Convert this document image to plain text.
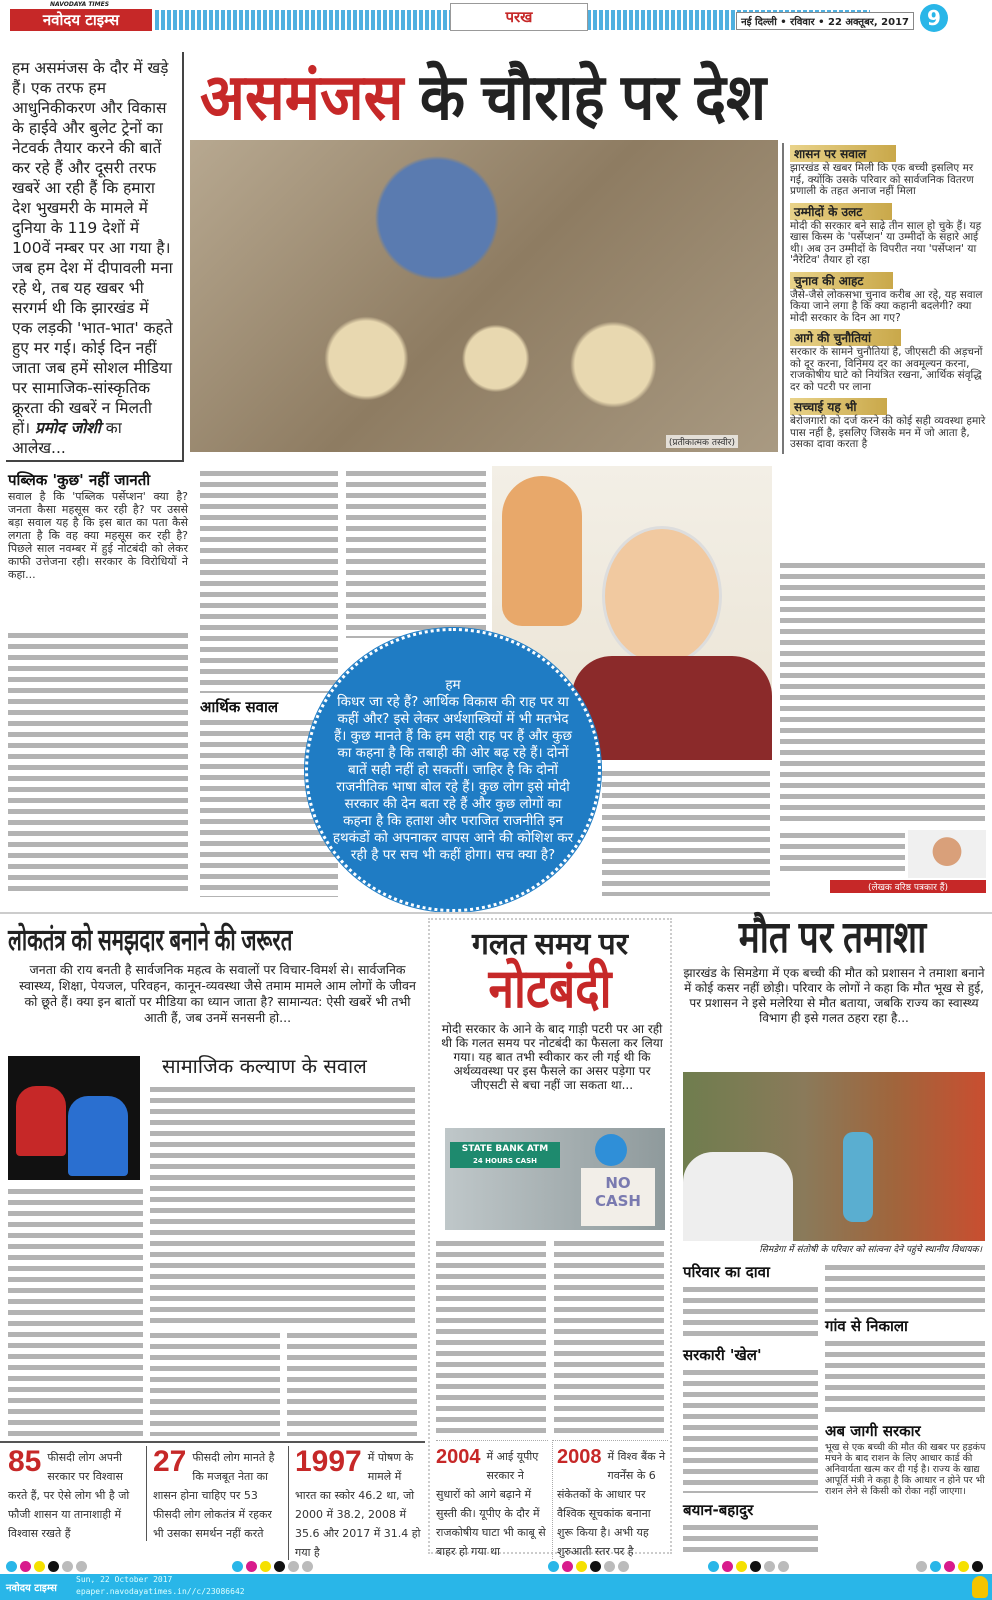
NAVODAYA TIMES
नवोदय टाइम्स	परख	नई दिल्ली • रविवार • 22 अक्तूबर, 2017 9
हम असमंजस के दौर में खड़े हैं। एक तरफ हम आधुनिकीकरण और विकास के हाईवे और बुलेट ट्रेनों का नेटवर्क तैयार करने की बातें कर रहे हैं और दूसरी तरफ खबरें आ रही हैं कि हमारा देश भुखमरी के मामले में दुनिया के 119 देशों में 100वें नम्बर पर आ गया है। जब हम देश में दीपावली मना रहे थे, तब यह खबर भी सरगर्म थी कि झारखंड में एक लड़की 'भात-भात' कहते हुए मर गई। कोई दिन नहीं जाता जब हमें सोशल मीडिया पर सामाजिक-सांस्कृतिक क्रूरता की खबरें न मिलती हों। प्रमोद जोशी का आलेख...
असमंजस के चौराहे पर देश
(प्रतीकात्मक तस्वीर)
शासन पर सवाल
झारखंड से खबर मिली कि एक बच्ची इसलिए मर गई, क्योंकि उसके परिवार को सार्वजनिक वितरण प्रणाली के तहत अनाज नहीं मिला
उम्मीदों के उलट
मोदी की सरकार बने साढ़े तीन साल हो चुके हैं। यह खास किस्म के 'पर्सेप्शन' या उम्मीदों के सहारे आई थी। अब उन उम्मीदों के विपरीत नया 'पर्सेप्शन' या 'नैरेटिव' तैयार हो रहा
चुनाव की आहट
जैसे-जैसे लोकसभा चुनाव करीब आ रहे, यह सवाल किया जाने लगा है कि क्या कहानी बदलेगी? क्या मोदी सरकार के दिन आ गए?
आगे की चुनौतियां
सरकार के सामने चुनौतियां है, जीएसटी की अड़चनों को दूर करना, विनिमय दर का अवमूल्यन करना, राजकोषीय घाटे को नियंत्रित रखना, आर्थिक संवृद्धि दर को पटरी पर लाना
सच्चाई यह भी
बेरोजगारी को दर्ज करने की कोई सही व्यवस्था हमारे पास नहीं है, इसलिए जिसके मन में जो आता है, उसका दावा करता है
पब्लिक 'कुछ' नहीं जानती
सवाल है कि 'पब्लिक पर्सेप्शन' क्या है? जनता कैसा महसूस कर रही है? पर उससे बड़ा सवाल यह है कि इस बात का पता कैसे लगता है कि वह क्या महसूस कर रही है? पिछले साल नवम्बर में हुई नोटबंदी को लेकर काफी उत्तेजना रही। सरकार के विरोधियों ने कहा...
आर्थिक सवाल
(लेखक वरिष्ठ पत्रकार हैं)
हम
किधर जा रहे हैं? आर्थिक विकास की राह पर या कहीं और? इसे लेकर अर्थशास्त्रियों में भी मतभेद हैं। कुछ मानते हैं कि हम सही राह पर हैं और कुछ का कहना है कि तबाही की ओर बढ़ रहे हैं। दोनों बातें सही नहीं हो सकतीं। जाहिर है कि दोनों राजनीतिक भाषा बोल रहे हैं। कुछ लोग इसे मोदी सरकार की देन बता रहे हैं और कुछ लोगों का कहना है कि हताश और पराजित राजनीति इन हथकंडों को अपनाकर वापस आने की कोशिश कर रही है पर सच भी कहीं होगा। सच क्या है?
लोकतंत्र को समझदार बनाने की जरूरत
जनता की राय बनती है सार्वजनिक महत्व के सवालों पर विचार-विमर्श से। सार्वजनिक स्वास्थ्य, शिक्षा, पेयजल, परिवहन, कानून-व्यवस्था जैसे तमाम मामले आम लोगों के जीवन को छूते हैं। क्या इन बातों पर मीडिया का ध्यान जाता है? सामान्यत: ऐसी खबरें भी तभी आती हैं, जब उनमें सनसनी हो...
सामाजिक कल्याण के सवाल
85 फीसदी लोग अपनी सरकार पर विश्वास करते हैं, पर ऐसे लोग भी है जो फौजी शासन या तानाशाही में विश्वास रखते हैं
27 फीसदी लोग मानते है कि मजबूत नेता का शासन होना चाहिए पर 53 फीसदी लोग लोकतंत्र में रहकर भी उसका समर्थन नहीं करते
1997 में पोषण के मामले में भारत का स्कोर 46.2 था, जो 2000 में 38.2, 2008 में 35.6 और 2017 में 31.4 हो गया है
गलत समय पर
नोटबंदी
मोदी सरकार के आने के बाद गाड़ी पटरी पर आ रही थी कि गलत समय पर नोटबंदी का फैसला कर लिया गया। यह बात तभी स्वीकार कर ली गई थी कि अर्थव्यवस्था पर इस फैसले का असर पड़ेगा पर जीएसटी से बचा नहीं जा सकता था...
STATE BANK ATM
24 HOURS CASH
NO CASH
2004 में आई यूपीए सरकार ने सुधारों को आगे बढ़ाने में सुस्ती की। यूपीए के दौर में राजकोषीय घाटा भी काबू से बाहर हो गया था
2008 में विश्व बैंक ने गवर्नेंस के 6 संकेतकों के आधार पर वैश्विक सूचकांक बनाना शुरू किया है। अभी यह शुरुआती स्तर पर है
मौत पर तमाशा
झारखंड के सिमडेगा में एक बच्ची की मौत को प्रशासन ने तमाशा बनाने में कोई कसर नहीं छोड़ी। परिवार के लोगों ने कहा कि मौत भूख से हुई, पर प्रशासन ने इसे मलेरिया से मौत बताया, जबकि राज्य का स्वास्थ्य विभाग ही इसे गलत ठहरा रहा है...
सिमडेगा में संतोषी के परिवार को सांत्वना देने पहुंचे स्थानीय विधायक।
परिवार का दावा
सरकारी 'खेल'
बयान-बहादुर
गांव से निकाला
अब जागी सरकार
भूख से एक बच्ची की मौत की खबर पर हड़कंप मचने के बाद राशन के लिए आधार कार्ड की अनिवार्यता खत्म कर दी गई है। राज्य के खाद्य आपूर्ति मंत्री ने कहा है कि आधार न होने पर भी राशन लेने से किसी को रोका नहीं जाएगा।
नवोदय टाइम्स
Sun, 22 October 2017
epaper.navodayatimes.in//c/23086642
